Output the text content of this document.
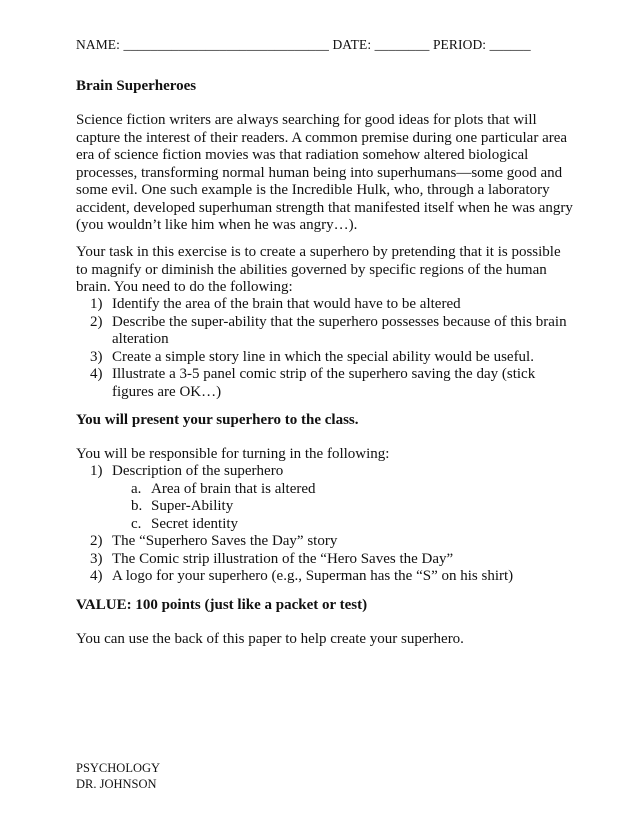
NAME: ______________________________ DATE: ________ PERIOD: ______
Brain Superheroes
Science fiction writers are always searching for good ideas for plots that will
capture the interest of their readers. A common premise during one particular area
era of science fiction movies was that radiation somehow altered biological
processes, transforming normal human being into superhumans—some good and
some evil. One such example is the Incredible Hulk, who, through a laboratory
accident, developed superhuman strength that manifested itself when he was angry
(you wouldn’t like him when he was angry…).
Your task in this exercise is to create a superhero by pretending that it is possible
to magnify or diminish the abilities governed by specific regions of the human
brain. You need to do the following:
1) Identify the area of the brain that would have to be altered
2) Describe the super-ability that the superhero possesses because of this brain
alteration
3) Create a simple story line in which the special ability would be useful.
4) Illustrate a 3-5 panel comic strip of the superhero saving the day (stick
figures are OK…)
You will present your superhero to the class.
You will be responsible for turning in the following:
1) Description of the superhero
a. Area of brain that is altered
b. Super-Ability
c. Secret identity
2) The “Superhero Saves the Day” story
3) The Comic strip illustration of the “Hero Saves the Day”
4) A logo for your superhero (e.g., Superman has the “S” on his shirt)
VALUE: 100 points (just like a packet or test)
You can use the back of this paper to help create your superhero.
PSYCHOLOGY
DR. JOHNSON
